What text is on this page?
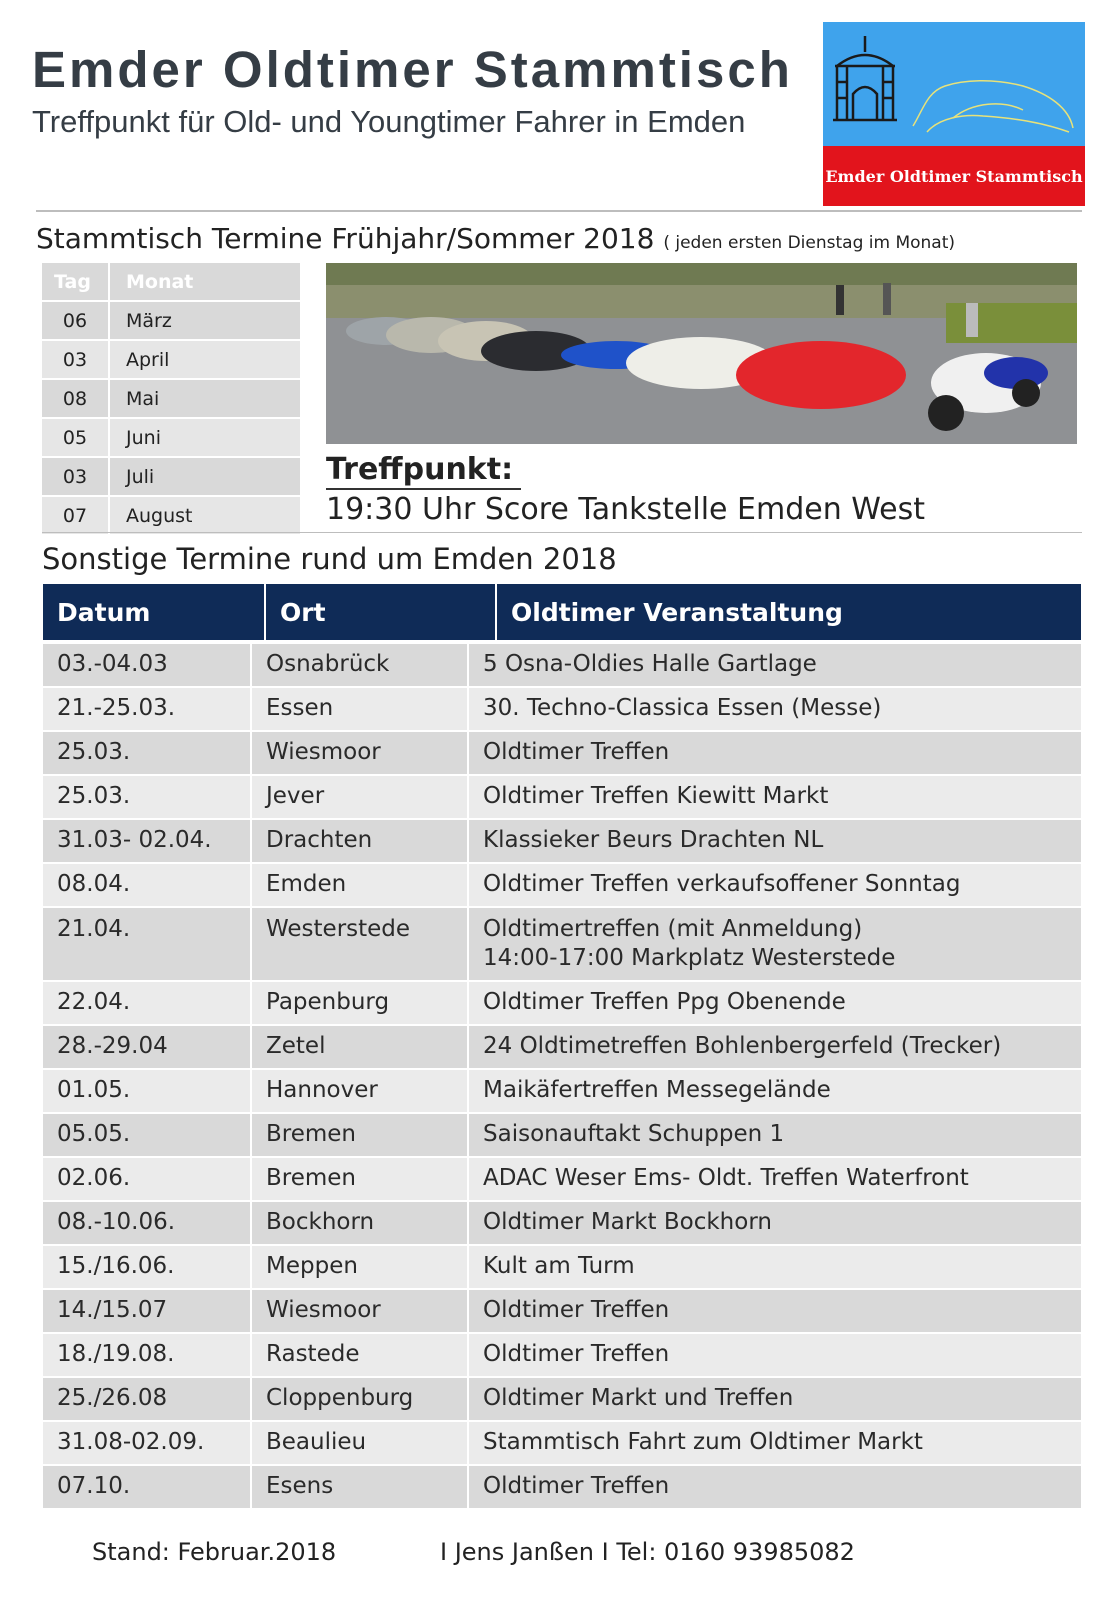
Emder Oldtimer Stammtisch
Treffpunkt für Old- und Youngtimer Fahrer in Emden
Emder Oldtimer Stammtisch
Stammtisch Termine Frühjahr/Sommer 2018 ( jeden ersten Dienstag im Monat)
Tag	Monat
06	März
03	April
08	Mai
05	Juni
03	Juli
07	August
Treffpunkt:
19:30 Uhr Score Tankstelle Emden West
Sonstige Termine rund um Emden 2018
Datum	Ort	Oldtimer Veranstaltung
03.-04.03	Osnabrück	5 Osna-Oldies Halle Gartlage
21.-25.03.	Essen	30. Techno-Classica Essen (Messe)
25.03.	Wiesmoor	Oldtimer Treffen
25.03.	Jever	Oldtimer Treffen Kiewitt Markt
31.03- 02.04.	Drachten	Klassieker Beurs Drachten NL
08.04.	Emden	Oldtimer Treffen verkaufsoffener Sonntag
21.04.	Westerstede	Oldtimertreffen (mit Anmeldung)
14:00-17:00 Markplatz Westerstede
22.04.	Papenburg	Oldtimer Treffen Ppg Obenende
28.-29.04	Zetel	24 Oldtimetreffen Bohlenbergerfeld (Trecker)
01.05.	Hannover	Maikäfertreffen Messegelände
05.05.	Bremen	Saisonauftakt Schuppen 1
02.06.	Bremen	ADAC Weser Ems- Oldt. Treffen Waterfront
08.-10.06.	Bockhorn	Oldtimer Markt Bockhorn
15./16.06.	Meppen	Kult am Turm
14./15.07	Wiesmoor	Oldtimer Treffen
18./19.08.	Rastede	Oldtimer Treffen
25./26.08	Cloppenburg	Oldtimer Markt und Treffen
31.08-02.09.	Beaulieu	Stammtisch Fahrt zum Oldtimer Markt
07.10.	Esens	Oldtimer Treffen
Stand: Februar.2018	I Jens Janßen I Tel: 0160 93985082
